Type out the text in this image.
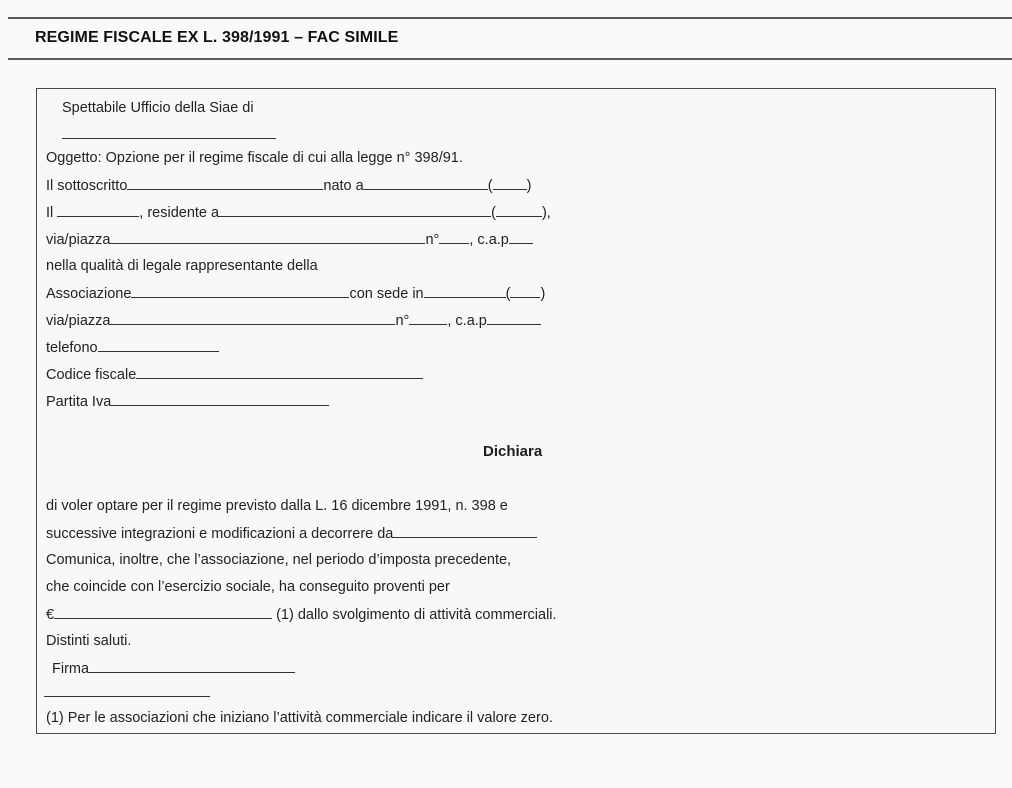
REGIME FISCALE EX L. 398/1991 – FAC SIMILE
Spettabile Ufficio della Siae di
Oggetto: Opzione per il regime fiscale di cui alla legge n° 398/91.
Il sottoscritto	nato a	( )
Il	, residente a	(	),
via/piazza	n° , c.a.p
nella qualità di legale rappresentante della
Associazione	con sede in	( )
via/piazza	n°	, c.a.p
telefono
Codice fiscale
Partita Iva
Dichiara
di voler optare per il regime previsto dalla L. 16 dicembre 1991, n. 398 e
successive integrazioni e modificazioni a decorrere da
Comunica, inoltre, che l’associazione, nel periodo d’imposta precedente,
che coincide con l’esercizio sociale, ha conseguito proventi per
€	(1) dallo svolgimento di attività commerciali.
Distinti saluti.
Firma
(1) Per le associazioni che iniziano l’attività commerciale indicare il valore zero.
